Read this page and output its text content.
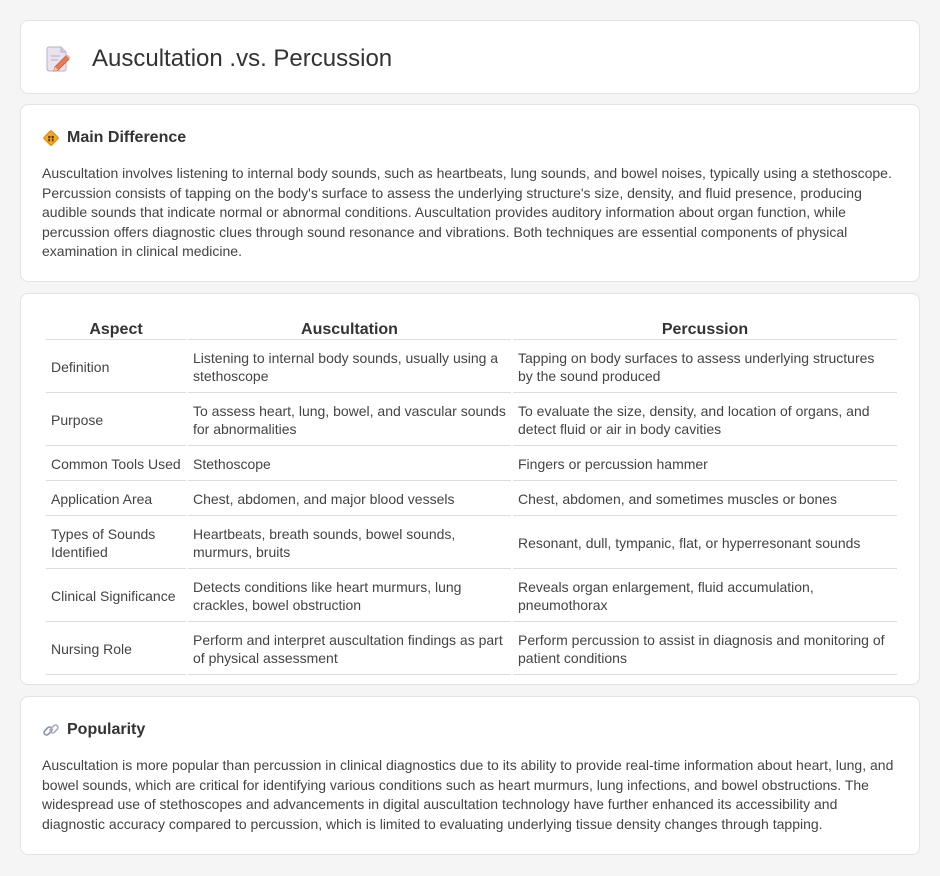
Auscultation .vs. Percussion
Main Difference

Auscultation involves listening to internal body sounds, such as heartbeats, lung sounds, and bowel noises, typically using a stethoscope. Percussion consists of tapping on the body's surface to assess the underlying structure's size, density, and fluid presence, producing audible sounds that indicate normal or abnormal conditions. Auscultation provides auditory information about organ function, while percussion offers diagnostic clues through sound resonance and vibrations. Both techniques are essential components of physical examination in clinical medicine.

Aspect	Auscultation	Percussion
Definition	Listening to internal body sounds, usually using a stethoscope	Tapping on body surfaces to assess underlying structures by the sound produced
Purpose	To assess heart, lung, bowel, and vascular sounds for abnormalities	To evaluate the size, density, and location of organs, and detect fluid or air in body cavities
Common Tools Used	Stethoscope	Fingers or percussion hammer
Application Area	Chest, abdomen, and major blood vessels	Chest, abdomen, and sometimes muscles or bones
Types of Sounds Identified	Heartbeats, breath sounds, bowel sounds, murmurs, bruits	Resonant, dull, tympanic, flat, or hyperresonant sounds
Clinical Significance	Detects conditions like heart murmurs, lung crackles, bowel obstruction	Reveals organ enlargement, fluid accumulation, pneumothorax
Nursing Role	Perform and interpret auscultation findings as part of physical assessment	Perform percussion to assist in diagnosis and monitoring of patient conditions
Popularity

Auscultation is more popular than percussion in clinical diagnostics due to its ability to provide real-time information about heart, lung, and bowel sounds, which are critical for identifying various conditions such as heart murmurs, lung infections, and bowel obstructions. The widespread use of stethoscopes and advancements in digital auscultation technology have further enhanced its accessibility and diagnostic accuracy compared to percussion, which is limited to evaluating underlying tissue density changes through tapping.
